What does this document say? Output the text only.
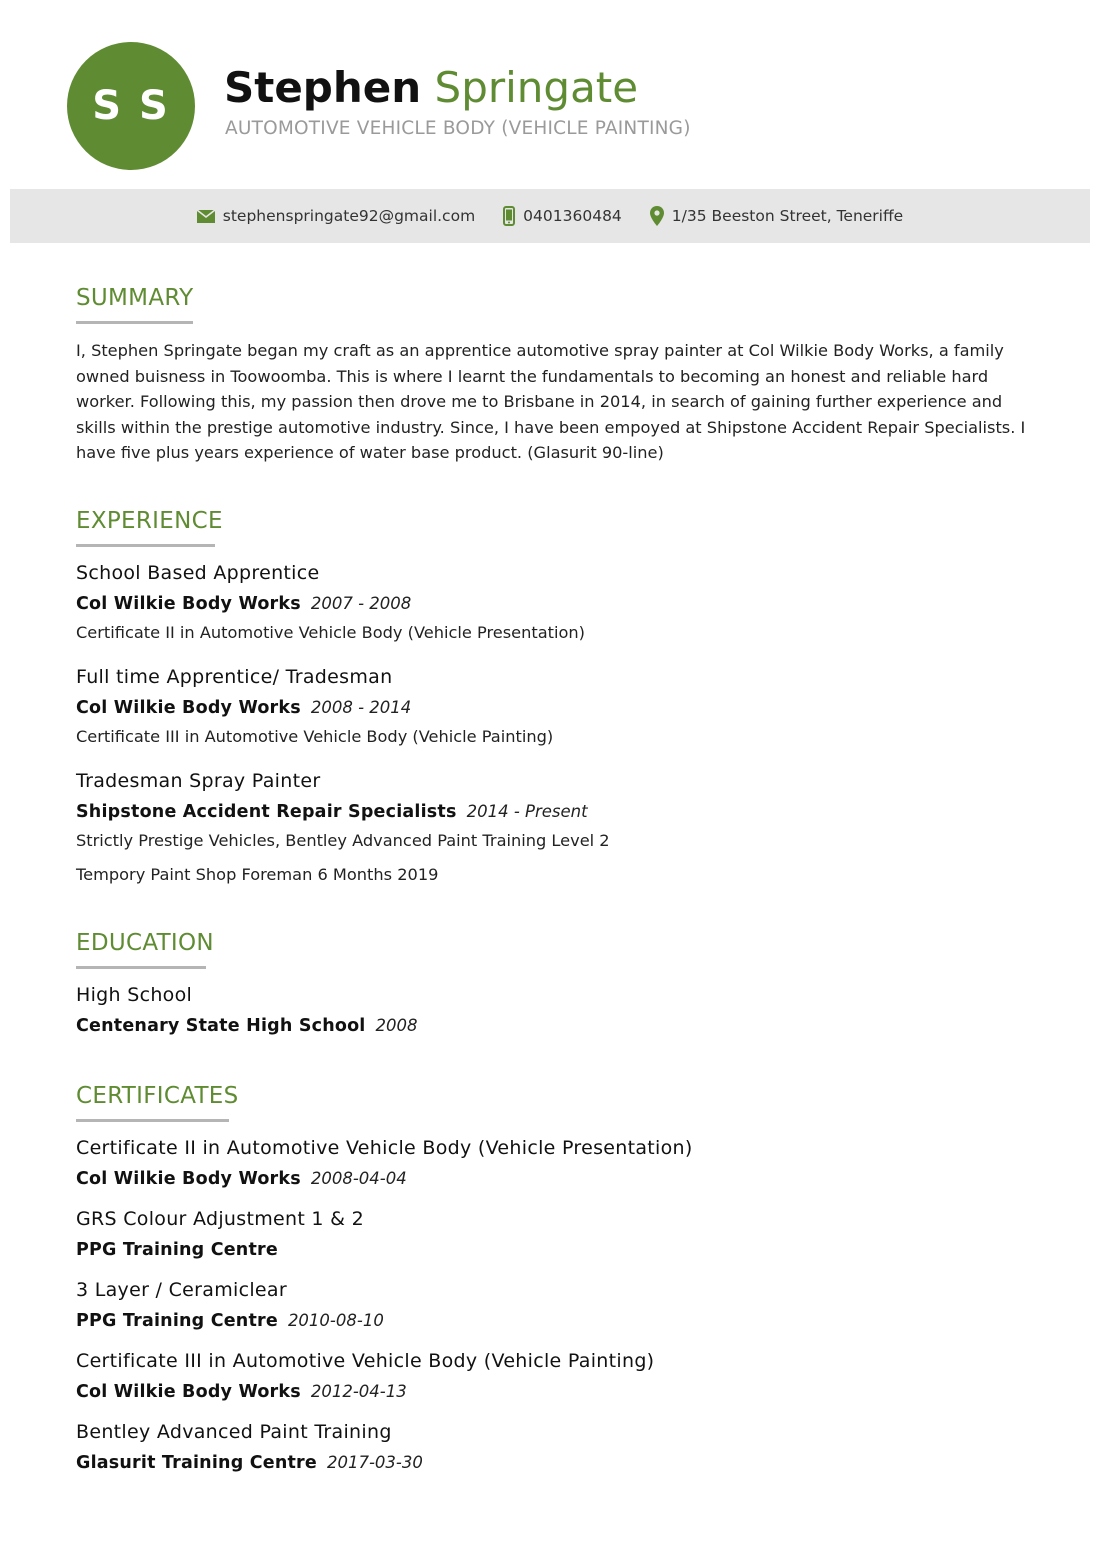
S S	Stephen Springate
AUTOMOTIVE VEHICLE BODY (VEHICLE PAINTING)
stephenspringate92@gmail.com	0401360484	1/35 Beeston Street, Teneriffe
SUMMARY

I, Stephen Springate began my craft as an apprentice automotive spray painter at Col Wilkie Body Works, a family owned buisness in Toowoomba. This is where I learnt the fundamentals to becoming an honest and reliable hard worker. Following this, my passion then drove me to Brisbane in 2014, in search of gaining further experience and skills within the prestige automotive industry. Since, I have been empoyed at Shipstone Accident Repair Specialists. I have five plus years experience of water base product. (Glasurit 90-line)

EXPERIENCE

School Based Apprentice

Col Wilkie Body Works 2007 - 2008
Certificate II in Automotive Vehicle Body (Vehicle Presentation)

Full time Apprentice/ Tradesman

Col Wilkie Body Works 2008 - 2014
Certificate III in Automotive Vehicle Body (Vehicle Painting)

Tradesman Spray Painter

Shipstone Accident Repair Specialists 2014 - Present
Strictly Prestige Vehicles, Bentley Advanced Paint Training Level 2
Tempory Paint Shop Foreman 6 Months 2019
EDUCATION

High School

Centenary State High School 2008
CERTIFICATES

Certificate II in Automotive Vehicle Body (Vehicle Presentation)

Col Wilkie Body Works 2008-04-04

GRS Colour Adjustment 1 & 2

PPG Training Centre

3 Layer / Ceramiclear

PPG Training Centre 2010-08-10

Certificate III in Automotive Vehicle Body (Vehicle Painting)

Col Wilkie Body Works 2012-04-13

Bentley Advanced Paint Training

Glasurit Training Centre 2017-03-30
